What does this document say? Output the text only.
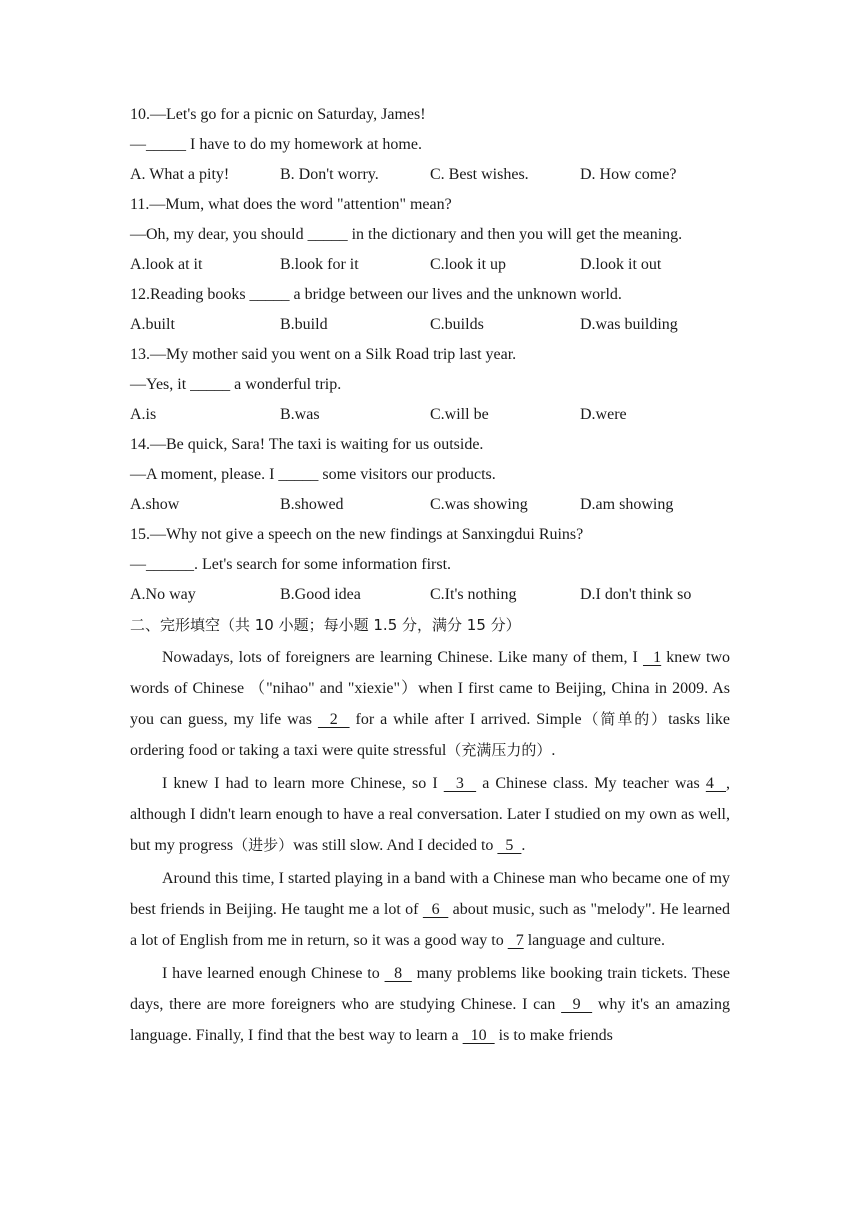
10.—Let's go for a picnic on Saturday, James!
—_____ I have to do my homework at home.
A. What a pity!	B. Don't worry.	C. Best wishes.	D. How come?
11.—Mum, what does the word "attention" mean?
—Oh, my dear, you should _____ in the dictionary and then you will get the meaning.
A.look at it	B.look for it	C.look it up	D.look it out
12.Reading books _____ a bridge between our lives and the unknown world.
A.built	B.build	C.builds	D.was building
13.—My mother said you went on a Silk Road trip last year.
—Yes, it _____ a wonderful trip.
A.is	B.was	C.will be	D.were
14.—Be quick, Sara! The taxi is waiting for us outside.
—A moment, please. I _____ some visitors our products.
A.show	B.showed	C.was showing	D.am showing
15.—Why not give a speech on the new findings at Sanxingdui Ruins?
—______. Let's search for some information first.
A.No way	B.Good idea	C.It's nothing	D.I don't think so
二、完形填空（共 10 小题；每小题 1.5 分，满分 15 分）

Nowadays, lots of foreigners are learning Chinese. Like many of them, I   1 knew two words of Chinese （"nihao" and "xiexie"）when I first came to Beijing, China in 2009. As you can guess, my life was   2   for a while after I arrived. Simple（简单的）tasks like ordering food or taking a taxi were quite stressful（充满压力的）.

I knew I had to learn more Chinese, so I   3   a Chinese class. My teacher was 4  , although I didn't learn enough to have a real conversation. Later I studied on my own as well, but my progress（进步）was still slow. And I decided to   5  .

Around this time, I started playing in a band with a Chinese man who became one of my best friends in Beijing. He taught me a lot of   6   about music, such as "melody". He learned a lot of English from me in return, so it was a good way to   7 language and culture.

I have learned enough Chinese to   8   many problems like booking train tickets. These days, there are more foreigners who are studying Chinese. I can   9   why it's an amazing language. Finally, I find that the best way to learn a   10   is to make friends
